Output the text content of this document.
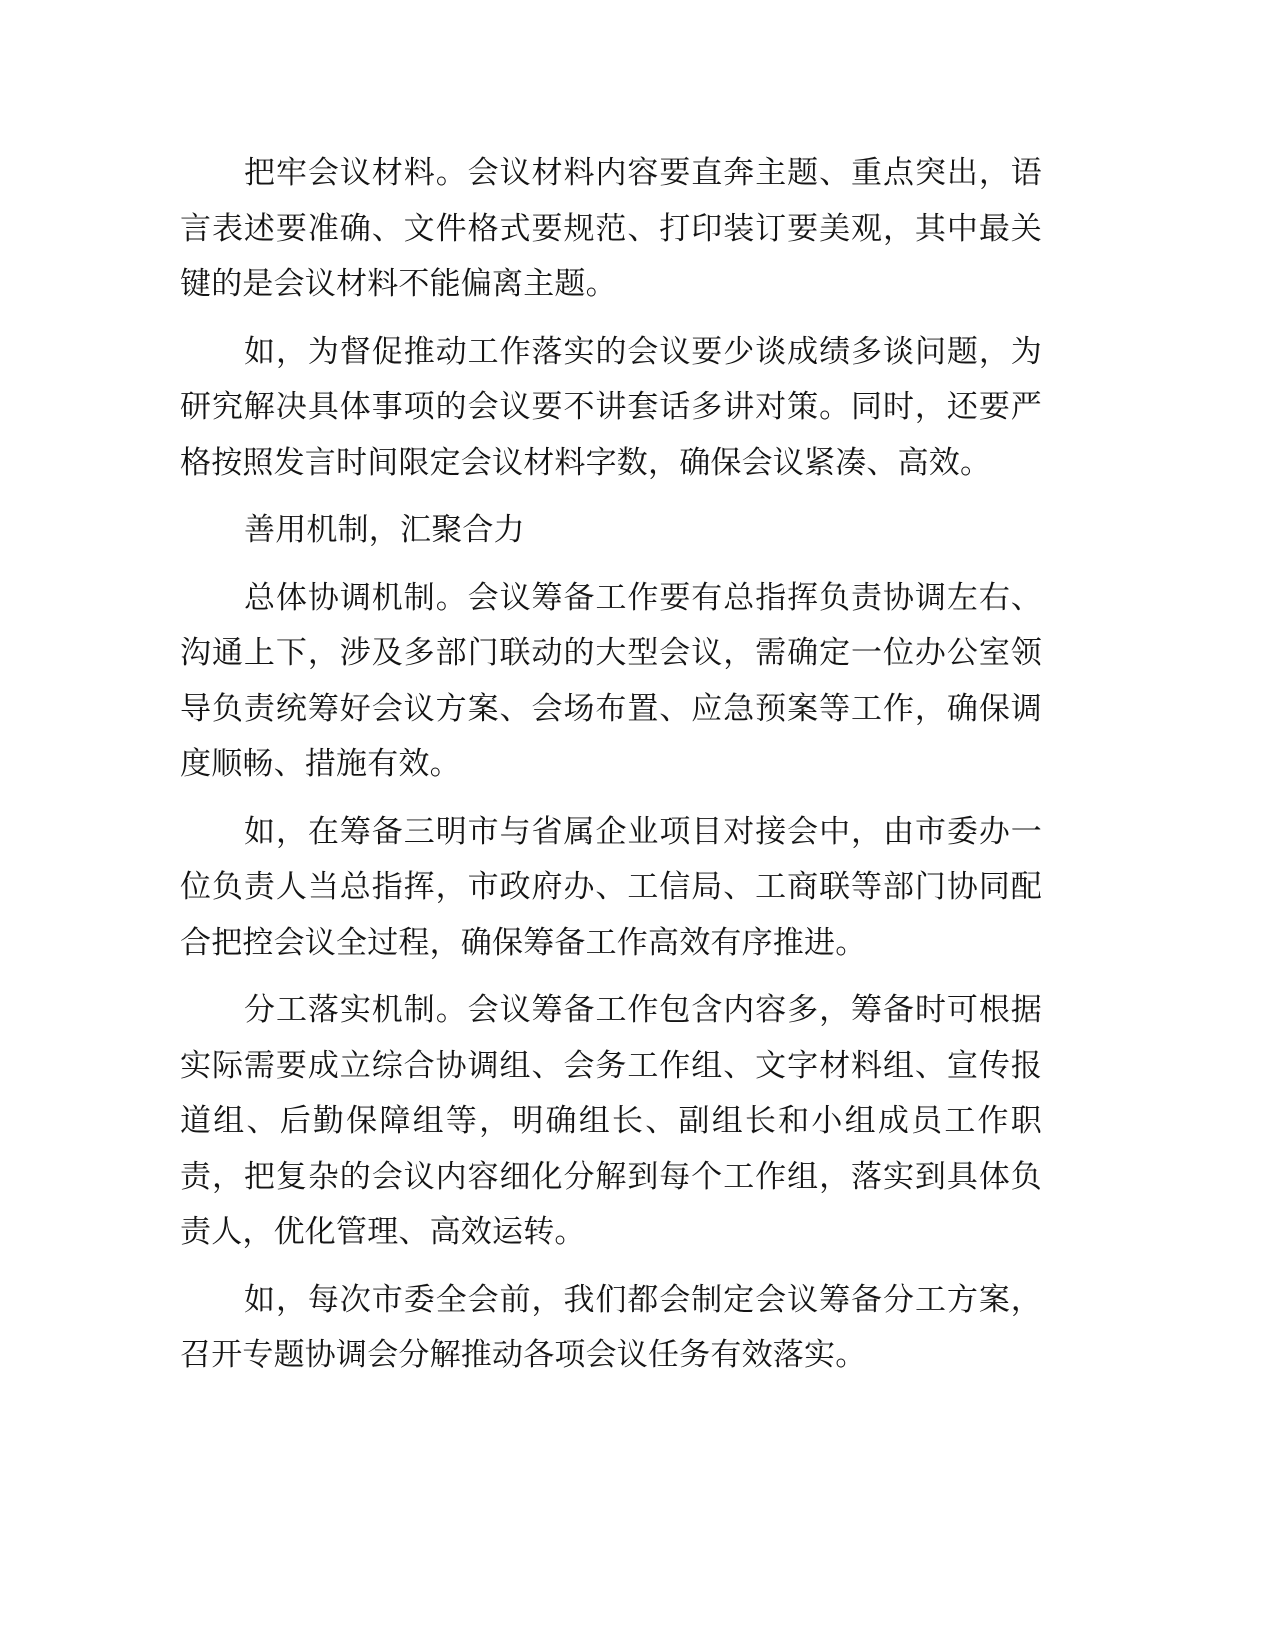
把牢会议材料。会议材料内容要直奔主题、重点突出，语言表述要准确、文件格式要规范、打印装订要美观，其中最关键的是会议材料不能偏离主题。

如，为督促推动工作落实的会议要少谈成绩多谈问题，为研究解决具体事项的会议要不讲套话多讲对策。同时，还要严格按照发言时间限定会议材料字数，确保会议紧凑、高效。

善用机制，汇聚合力

总体协调机制。会议筹备工作要有总指挥负责协调左右、沟通上下，涉及多部门联动的大型会议，需确定一位办公室领导负责统筹好会议方案、会场布置、应急预案等工作，确保调度顺畅、措施有效。

如，在筹备三明市与省属企业项目对接会中，由市委办一位负责人当总指挥，市政府办、工信局、工商联等部门协同配合把控会议全过程，确保筹备工作高效有序推进。

分工落实机制。会议筹备工作包含内容多，筹备时可根据实际需要成立综合协调组、会务工作组、文字材料组、宣传报道组、后勤保障组等，明确组长、副组长和小组成员工作职责，把复杂的会议内容细化分解到每个工作组，落实到具体负责人，优化管理、高效运转。

如，每次市委全会前，我们都会制定会议筹备分工方案，召开专题协调会分解推动各项会议任务有效落实。
